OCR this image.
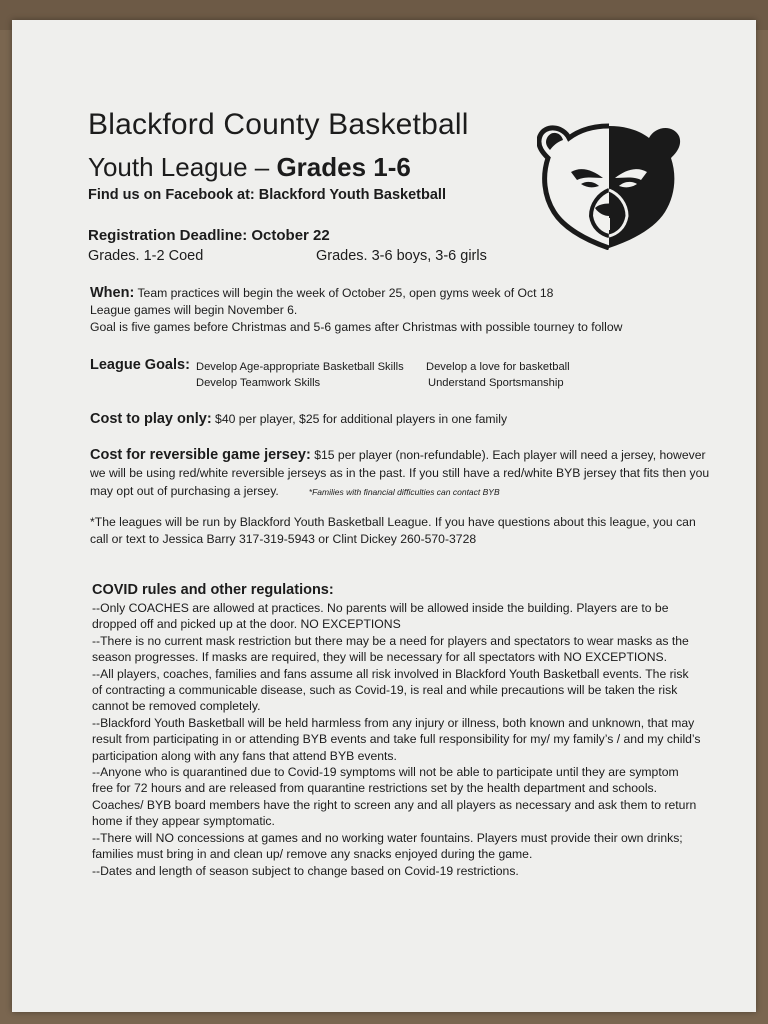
Blackford County Basketball
Youth League – Grades 1-6
Find us on Facebook at: Blackford Youth Basketball
Registration Deadline: October 22
Grades. 1-2 Coed	Grades. 3-6 boys, 3-6 girls
When: Team practices will begin the week of October 25, open gyms week of Oct 18
League games will begin November 6.
Goal is five games before Christmas and 5-6 games after Christmas with possible tourney to follow
League Goals: Develop Age-appropriate Basketball Skills
Develop Teamwork Skills
Develop a love for basketball
Understand Sportsmanship
Cost to play only: $40 per player, $25 for additional players in one family
Cost for reversible game jersey: $15 per player (non-refundable). Each player will need a jersey, however we will be using red/white reversible jerseys as in the past. If you still have a red/white BYB jersey that fits then you may opt out of purchasing a jersey.	*Families with financial difficulties can contact BYB
*The leagues will be run by Blackford Youth Basketball League. If you have questions about this league, you can call or text to Jessica Barry 317-319-5943 or Clint Dickey 260-570-3728
COVID rules and other regulations:

--Only COACHES are allowed at practices. No parents will be allowed inside the building. Players are to be dropped off and picked up at the door. NO EXCEPTIONS

--There is no current mask restriction but there may be a need for players and spectators to wear masks as the season progresses. If masks are required, they will be necessary for all spectators with NO EXCEPTIONS.

--All players, coaches, families and fans assume all risk involved in Blackford Youth Basketball events. The risk of contracting a communicable disease, such as Covid-19, is real and while precautions will be taken the risk cannot be removed completely.

--Blackford Youth Basketball will be held harmless from any injury or illness, both known and unknown, that may result from participating in or attending BYB events and take full responsibility for my/ my family’s / and my child’s participation along with any fans that attend BYB events.

--Anyone who is quarantined due to Covid-19 symptoms will not be able to participate until they are symptom free for 72 hours and are released from quarantine restrictions set by the health department and schools. Coaches/ BYB board members have the right to screen any and all players as necessary and ask them to return home if they appear symptomatic.

--There will NO concessions at games and no working water fountains. Players must provide their own drinks; families must bring in and clean up/ remove any snacks enjoyed during the game.

--Dates and length of season subject to change based on Covid-19 restrictions.
